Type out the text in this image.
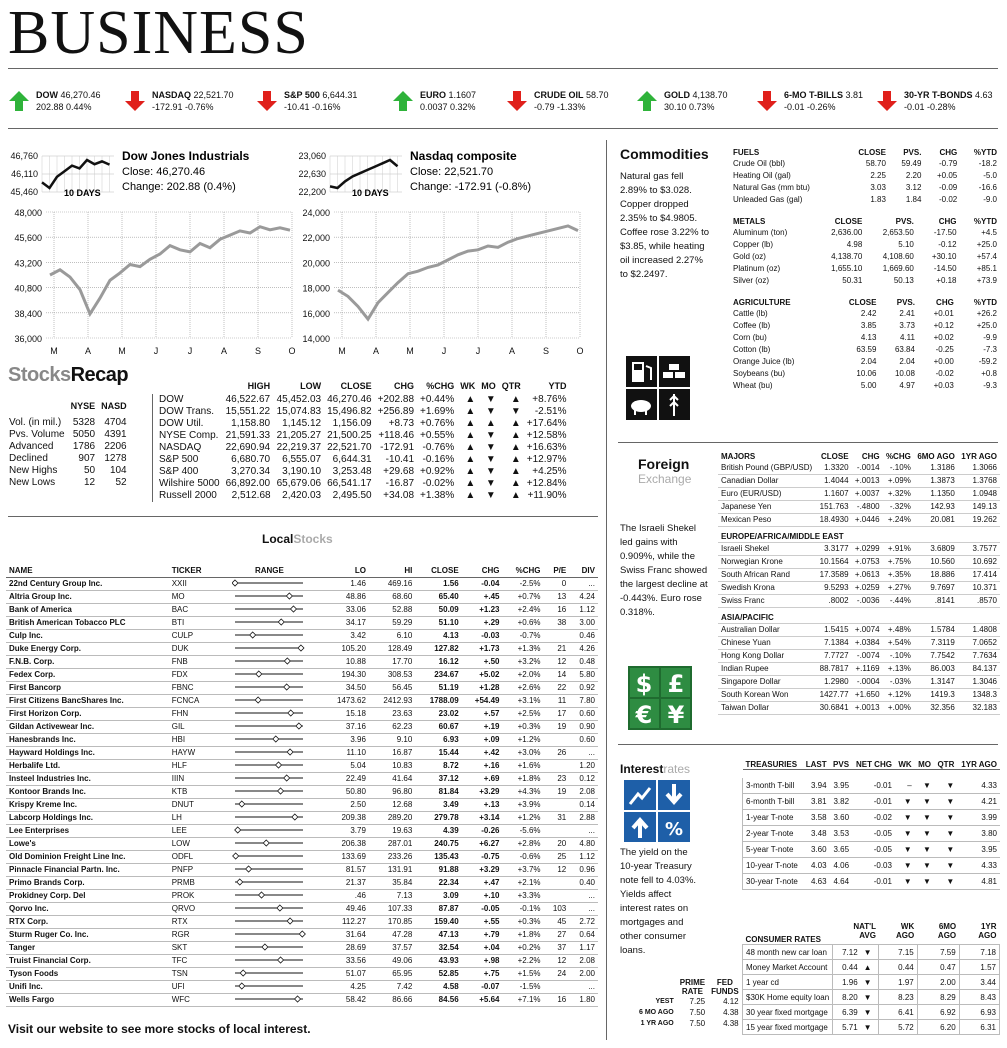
BUSINESS
DOW 46,270.46
202.88 0.44%
NASDAQ 22,521.70
-172.91 -0.76%
S&P 500 6,644.31
-10.41 -0.16%
EURO 1.1607
0.0037 0.32%
CRUDE OIL 58.70
-0.79 -1.33%
GOLD 4,138.70
30.10 0.73%
6-MO T-BILLS 3.81
-0.01 -0.26%
30-YR T-BONDS 4.63
-0.01 -0.28%
46,760
46,110
45,460	10 DAYS
Dow Jones Industrials
Close: 46,270.46
Change: 202.88 (0.4%)
48,000
45,600
43,200
40,800
38,400
36,000
M	A	M	J	J	A	S	O
23,060
22,630
22,200	10 DAYS
Nasdaq composite
Close: 22,521.70
Change: -172.91 (-0.8%)
24,000
22,000
20,000
18,000
16,000
14,000
M	A	M	J	J	A	S	O
StocksRecap
	NYSE	NASD
Vol. (in mil.)	5328	4704
Pvs. Volume	5050	4391
Advanced	1786	2206
Declined	907	1278
New Highs	50	104
New Lows	12	52
	HIGH	LOW	CLOSE	CHG	%CHG	WK	MO	QTR	YTD
DOW	46,522.67	45,452.03	46,270.46	+202.88	+0.44%	▲	▼	▲	+8.76%
DOW Trans.	15,551.22	15,074.83	15,496.82	+256.89	+1.69%	▲	▼	▼	-2.51%
DOW Util.	1,158.80	1,145.12	1,156.09	+8.73	+0.76%	▲	▲	▲	+17.64%
NYSE Comp.	21,591.33	21,205.27	21,500.25	+118.46	+0.55%	▲	▼	▲	+12.58%
NASDAQ	22,690.94	22,219.37	22,521.70	-172.91	-0.76%	▲	▼	▲	+16.63%
S&P 500	6,680.70	6,555.07	6,644.31	-10.41	-0.16%	▲	▼	▲	+12.97%
S&P 400	3,270.34	3,190.10	3,253.48	+29.68	+0.92%	▲	▼	▲	+4.25%
Wilshire 5000	66,892.00	65,679.06	66,541.17	-16.87	-0.02%	▲	▼	▲	+12.84%
Russell 2000	2,512.68	2,420.03	2,495.50	+34.08	+1.38%	▲	▼	▲	+11.90%
LocalStocks
NAME	TICKER	RANGE	LO	HI	CLOSE	CHG	%CHG	P/E	DIV
22nd Century Group Inc.	XXII		1.46	469.16	1.56	-0.04	-2.5%	0	...
Altria Group Inc.	MO		48.86	68.60	65.40	+.45	+0.7%	13	4.24
Bank of America	BAC		33.06	52.88	50.09	+1.23	+2.4%	16	1.12
British American Tobacco PLC	BTI		34.17	59.29	51.10	+.29	+0.6%	38	3.00
Culp Inc.	CULP		3.42	6.10	4.13	-0.03	-0.7%		0.46
Duke Energy Corp.	DUK		105.20	128.49	127.82	+1.73	+1.3%	21	4.26
F.N.B. Corp.	FNB		10.88	17.70	16.12	+.50	+3.2%	12	0.48
Fedex Corp.	FDX		194.30	308.53	234.67	+5.02	+2.0%	14	5.80
First Bancorp	FBNC		34.50	56.45	51.19	+1.28	+2.6%	22	0.92
First Citizens BancShares Inc.	FCNCA		1473.62	2412.93	1788.09	+54.49	+3.1%	11	7.80
First Horizon Corp.	FHN		15.18	23.63	23.02	+.57	+2.5%	17	0.60
Gildan Activewear Inc.	GIL		37.16	62.23	60.67	+.19	+0.3%	19	0.90
Hanesbrands Inc.	HBI		3.96	9.10	6.93	+.09	+1.2%		0.60
Hayward Holdings Inc.	HAYW		11.10	16.87	15.44	+.42	+3.0%	26	...
Herbalife Ltd.	HLF		5.04	10.83	8.72	+.16	+1.6%		1.20
Insteel Industries Inc.	IIIN		22.49	41.64	37.12	+.69	+1.8%	23	0.12
Kontoor Brands Inc.	KTB		50.80	96.80	81.84	+3.29	+4.3%	19	2.08
Krispy Kreme Inc.	DNUT		2.50	12.68	3.49	+.13	+3.9%		0.14
Labcorp Holdings Inc.	LH		209.38	289.20	279.78	+3.14	+1.2%	31	2.88
Lee Enterprises	LEE		3.79	19.63	4.39	-0.26	-5.6%		...
Lowe's	LOW		206.38	287.01	240.75	+6.27	+2.8%	20	4.80
Old Dominion Freight Line Inc.	ODFL		133.69	233.26	135.43	-0.75	-0.6%	25	1.12
Pinnacle Financial Partn. Inc.	PNFP		81.57	131.91	91.88	+3.29	+3.7%	12	0.96
Primo Brands Corp.	PRMB		21.37	35.84	22.34	+.47	+2.1%		0.40
Prokidney Corp. Del	PROK		.46	7.13	3.09	+.10	+3.3%		...
Qorvo Inc.	QRVO		49.46	107.33	87.87	-0.05	-0.1%	103	...
RTX Corp.	RTX		112.27	170.85	159.40	+.55	+0.3%	45	2.72
Sturm Ruger Co. Inc.	RGR		31.64	47.28	47.13	+.79	+1.8%	27	0.64
Tanger	SKT		28.69	37.57	32.54	+.04	+0.2%	37	1.17
Truist Financial Corp.	TFC		33.56	49.06	43.93	+.98	+2.2%	12	2.08
Tyson Foods	TSN		51.07	65.95	52.85	+.75	+1.5%	24	2.00
Unifi Inc.	UFI		4.25	7.42	4.58	-0.07	-1.5%		...
Wells Fargo	WFC		58.42	86.66	84.56	+5.64	+7.1%	16	1.80
Visit our website to see more stocks of local interest.
Commodities
Natural gas fell 2.89% to $3.028. Copper dropped 2.35% to $4.9805. Coffee rose 3.22% to $3.85, while heating oil increased 2.27% to $2.2497.
FUELS	CLOSE	PVS.	CHG	%YTD
Crude Oil (bbl)	58.70	59.49	-0.79	-18.2
Heating Oil (gal)	2.25	2.20	+0.05	-5.0
Natural Gas (mm btu)	3.03	3.12	-0.09	-16.6
Unleaded Gas (gal)	1.83	1.84	-0.02	-9.0
METALS	CLOSE	PVS.	CHG	%YTD
Aluminum (ton)	2,636.00	2,653.50	-17.50	+4.5
Copper (lb)	4.98	5.10	-0.12	+25.0
Gold (oz)	4,138.70	4,108.60	+30.10	+57.4
Platinum (oz)	1,655.10	1,669.60	-14.50	+85.1
Silver (oz)	50.31	50.13	+0.18	+73.9
AGRICULTURE	CLOSE	PVS.	CHG	%YTD
Cattle (lb)	2.42	2.41	+0.01	+26.2
Coffee (lb)	3.85	3.73	+0.12	+25.0
Corn (bu)	4.13	4.11	+0.02	-9.9
Cotton (lb)	63.59	63.84	-0.25	-7.3
Orange Juice (lb)	2.04	2.04	+0.00	-59.2
Soybeans (bu)	10.06	10.08	-0.02	+0.8
Wheat (bu)	5.00	4.97	+0.03	-9.3
Foreign
Exchange
The Israeli Shekel led gains with 0.909%, while the Swiss Franc showed the largest decline at -0.443%. Euro rose 0.318%.
$ £
€ ¥
MAJORS	CLOSE	CHG	%CHG	6MO AGO	1YR AGO
British Pound (GBP/USD)	1.3320	-.0014	-.10%	1.3186	1.3066
Canadian Dollar	1.4044	+.0013	+.09%	1.3873	1.3768
Euro (EUR/USD)	1.1607	+.0037	+.32%	1.1350	1.0948
Japanese Yen	151.763	-.4800	-.32%	142.93	149.13
Mexican Peso	18.4930	+.0446	+.24%	20.081	19.262
EUROPE/AFRICA/MIDDLE EAST					
Israeli Shekel	3.3177	+.0299	+.91%	3.6809	3.7577
Norwegian Krone	10.1564	+.0753	+.75%	10.560	10.692
South African Rand	17.3589	+.0613	+.35%	18.886	17.414
Swedish Krona	9.5293	+.0259	+.27%	9.7697	10.371
Swiss Franc	.8002	-.0036	-.44%	.8141	.8570
ASIA/PACIFIC					
Australian Dollar	1.5415	+.0074	+.48%	1.5784	1.4808
Chinese Yuan	7.1384	+.0384	+.54%	7.3119	7.0652
Hong Kong Dollar	7.7727	-.0074	-.10%	7.7542	7.7634
Indian Rupee	88.7817	+.1169	+.13%	86.003	84.137
Singapore Dollar	1.2980	-.0004	-.03%	1.3147	1.3046
South Korean Won	1427.77	+1.650	+.12%	1419.3	1348.3
Taiwan Dollar	30.6841	+.0013	+.00%	32.356	32.183
Interestrates
%
The yield on the 10-year Treasury note fell to 4.03%. Yields affect interest rates on mortgages and other consumer loans.
	PRIME RATE	FED FUNDS
YEST	7.25	4.12
6 MO AGO	7.50	4.38
1 YR AGO	7.50	4.38
TREASURIES	LAST	PVS	NET CHG	WK	MO	QTR	1YR AGO

3-month T-bill	3.94	3.95	-0.01	–	▼	▼	4.33
6-month T-bill	3.81	3.82	-0.01	▼	▼	▼	4.21
1-year T-note	3.58	3.60	-0.02	▼	▼	▼	3.99
2-year T-note	3.48	3.53	-0.05	▼	▼	▼	3.80
5-year T-note	3.60	3.65	-0.05	▼	▼	▼	3.95
10-year T-note	4.03	4.06	-0.03	▼	▼	▼	4.33
30-year T-note	4.63	4.64	-0.01	▼	▼	▼	4.81
CONSUMER RATES	NAT'L AVG		WK AGO	6MO AGO	1YR AGO
48 month new car loan	7.12	▼	7.15	7.59	7.18
Money Market Account	0.44	▲	0.44	0.47	1.57
1 year cd	1.96	▼	1.97	2.00	3.44
$30K Home equity loan	8.20	▼	8.23	8.29	8.43
30 year fixed mortgage	6.39	▼	6.41	6.92	6.93
15 year fixed mortgage	5.71	▼	5.72	6.20	6.31
